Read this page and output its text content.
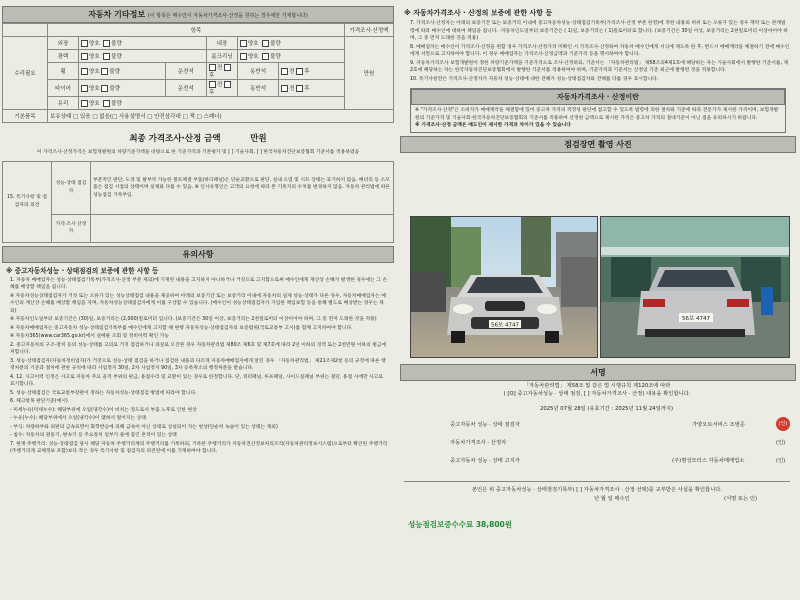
자동차 기타정보 (이 항목은 매수인이 자동차가격조사·산정을 원하는 경우에만 기재합니다)
	항목						가격조사·산정액
수리필요	외장	양호 불량		내장	양호 불량		만원
	광택	양호 불량		룸크리닝	양호 불량		
	휠	양호 불량	운전석	전 후	동반석	전 후	
	타이어	양호 불량	운전석	전 후	동반석	전 후	
	유리	양호 불량					
기본품목	보유상태 □ 있음 □ 없음(□ 사용설명서 □ 안전삼각대 □ 잭 □ 스패너)						
최종 가격조사·산정 금액	만원
이 가격조사·산정가격은 보험개발원의 차량기준가액을 바탕으로 한 기준가격과 기본평가 및 [ ] 기술사회, [ ] 한국자동차진단보증협회 기준서를 적용하였음
15. 특기사항 및 점검자의 의견	성능·상태 점검자	부분적인 판단, 도색 및 탈부착 가능한 볼트체결 부품(바디패널)은 단순교환으로 판단. 실내 오염 및 시트 상태는 표기하지 않음. 배터리 등 소모품은 점검 시점의 상태이며 실제와 다를 수 있음. ※ 인사유명인은 고객의 요청에 따라 본 기록지의 수치를 변경하지 않음. 자동차 관리법에 따른 성능점검 기록부임.
	가격·조사 산정자	
유의사항
※ 중고자동차성능 · 상태점검의 보증에 관한 사항 등
1. 자동차 매매업자는 성능·상태점검기록부(가격조사·산정 부분 제외)에 기재된 내용을 고지하지 아니하거나 거짓으로 고지함으로써 매수인에게 재산상 손해가 발생한 경우에는 그 손해를 배상할 책임을 집니다.
※ 자동차성능상태점검자가 거짓 또는 오류가 있는 성능상태점검 내용을 제공하여 아래의 보증기간 또는 보증거리 이내에 자동차의 실제 성능·상태가 다른 경우, 자동차매매업자는 매수인의 재산상 손해를 배상할 책임을 지며, 자동차성능상태점검자에게 이를 구상할 수 있습니다. (매수인이 성능상태점검자가 가입한 책임보험 등을 통해 별도로 배상받는 경우는 제외)
※ 자동차인도일부터 보증기간은 (30)일, 보증거리는 (2,000)킬로미터 입니다. (보증기간은 30일 이상, 보증거리는 2천킬로미터 이상이어야 하며, 그 중 먼저 도래한 것을 적용)
※ 자동차매매업자는 중고자동차 성능·상태점검기록부를 매수인에게 고지할 때 현행 자동차성능·상태점검자의 보증범위(국토교통부 고시)를 함께 고지하여야 합니다.
※ 자동차365(www.car365.go.kr)에서 실매물 조회 및 정비이력 확인 가능
2. 중고자동차의 구조·장치 등의 성능·상태를 고의로 거짓 점검하거나 과실로 오진한 경우 자동차관리법 제80조 제6호 및 제7호에 따라 2년 이하의 징역 또는 2천만원 이하의 벌금에 처합니다.
3. 성능·상태점검자(자동차정비업자)가 거짓으로 성능·상태 점검을 하거나 점검한 내용과 다르게 자동차매매업자에게 알린 경우 「자동차관리법」 제21조제2항 등의 규정에 따른 행정처분의 기준과 절차에 관한 규칙에 따라 사업정지 30일, 2차 사업정지 90일, 3차 등록취소의 행정처분을 받습니다.
4. 12. 사고이력 인정은 사고로 자동차 주요 골격 부위의 판금, 용접수리 및 교환이 있는 경우로 한정합니다. 단, 쿼터패널, 루프패널, 사이드실패널 부위는 절단, 용접 시에만 사고로 표기합니다.
5. 성능·상태점검은 국토교통부장관이 정하는 자동차성능·상태점검 방법에 따라야 합니다.
6. 체크항목 판단기준(예시)
- 미세누유(미세누수): 해당부위에 오일(냉각수)이 비치는 정도로서 부품 노후로 인한 현상
- 누유(누수): 해당부위에서 오일(냉각수)이 맺혀서 떨어지는 상태
- 부식: 차량하부와 외판의 금속표면이 화학반응에 의해 금속이 아닌 상태로 상실되어 가는 현상(단순히 녹슬어 있는 상태는 제외)
- 침수: 자동차의 원동기, 변속기 등 주요장치 일부가 물에 잠긴 흔적이 있는 상태
7. 현재 주행거리: 성능·상태점검 당시 해당 자동차 주행거리계의 주행거리를 기록하되, 기록한 주행거리가 자동차전산정보처리조직(자동차관리정보시스템)으로부터 확인된 주행거리(주행거리계 교체정보 포함)보다 작은 경우 특기사항 및 점검자의 의견란에 이를 기재하여야 합니다.
※ 자동차가격조사 · 산정의 보증에 관한 사항 등
7. 가격조사·산정자는 아래의 보증기간 또는 보증거리 이내에 중고자동차성능·상태점검기록부(가격조사·산정 부분 한정)에 적힌 내용의 허위 또는 오류가 있는 경우 계약 또는 관계법령에 따라 매수인에 대하여 책임을 집니다. ·자동차인도일부터 보증기간은 ( 1)일, 보증거리는 ( 1)킬로미터로 합니다. (보증기간은 30일 이상, 보증거리는 2천킬로미터 이상이어야 하며, 그 중 먼저 도래한 것을 적용)
8. 매매업자는 매수인이 가격조사·산정을 원할 경우 가격조사·산정가격 미확인 시 가격조사·산정하여 자동차 매수인에게 서식에 제도록 한 후, 반드시 매매계약을 체결하기 전에 매수인에게 서면으로 고지하여야 합니다. 이 경우 매매업자는 가격조사·산정금액과 기준가격 등을 명시하여야 합니다.
9. 자동차가격조사 보험개발원이 정한 차량기준가액을 기준가격으로 조사·산정하되, 기준서는 「자동차관리법」 제58조의4제1호에 해당하는 자는 기술사회에서 발행한 기준서를, 제2호에 해당하는 자는 한국자동차진단보증협회에서 발행한 기준서를 적용하여야 하며, 기준가격과 기준서는 산정일 기준 최근에 발행된 것을 적용합니다.
10. 특기사항란은 가격조사·산정자가 자동차 성능·상태에 대한 견해가 성능·상태점검자와 견해를 다를 경우 표시합니다.
자동차가격조사 · 산정이란
※ "가격조사·산정"은 소비자가 매매계약을 체결함에 있어 중고차 가격의 적정성 판단에 참고할 수 있도록 법령에 의한 절차와 기준에 따라 전문가가 제시한 가격이며, 보험개발원의 기준가격 및 기술사회·한국자동차진단보증협회의 기준서를 적용하여 산정한 금액으로 제시된 가격은 중고차 가격의 절대기준이 아닌 점을 유의하시기 바랍니다.
※ 가격조사·산정 금액은 매도인이 제시한 가격과 차이가 있을 수 있습니다
점검장면 촬영 사진
56보 4747
56보 4747
서명
「자동차관리법」 제58조 및 같은 법 시행규칙 제120조에 따라
( [O] 중고자동차성능 · 상태 점검, [ ] 자동차가격조사 · 산정) 내용을 확인합니다.
2025년 07월 28일 (유효기간 : 2025년 11월 24일까지)
중고자동차 성능 · 상태 점검자	가양오토서비스 조병준	(인)
자동차가격조사 · 산정자	(인)
중고자동차 성능 · 상태 고지자	(주)명성모터스 자동차매매업소	(인)
본인은 위 중고자동차성능 · 상태점검기록부( [ ] 자동차가격조사 · 산정 선택)를 교부받은 사실을 확인합니다.
년 월 일 매수인	(서명 또는 인)
성능점검보증수수료 38,800원
